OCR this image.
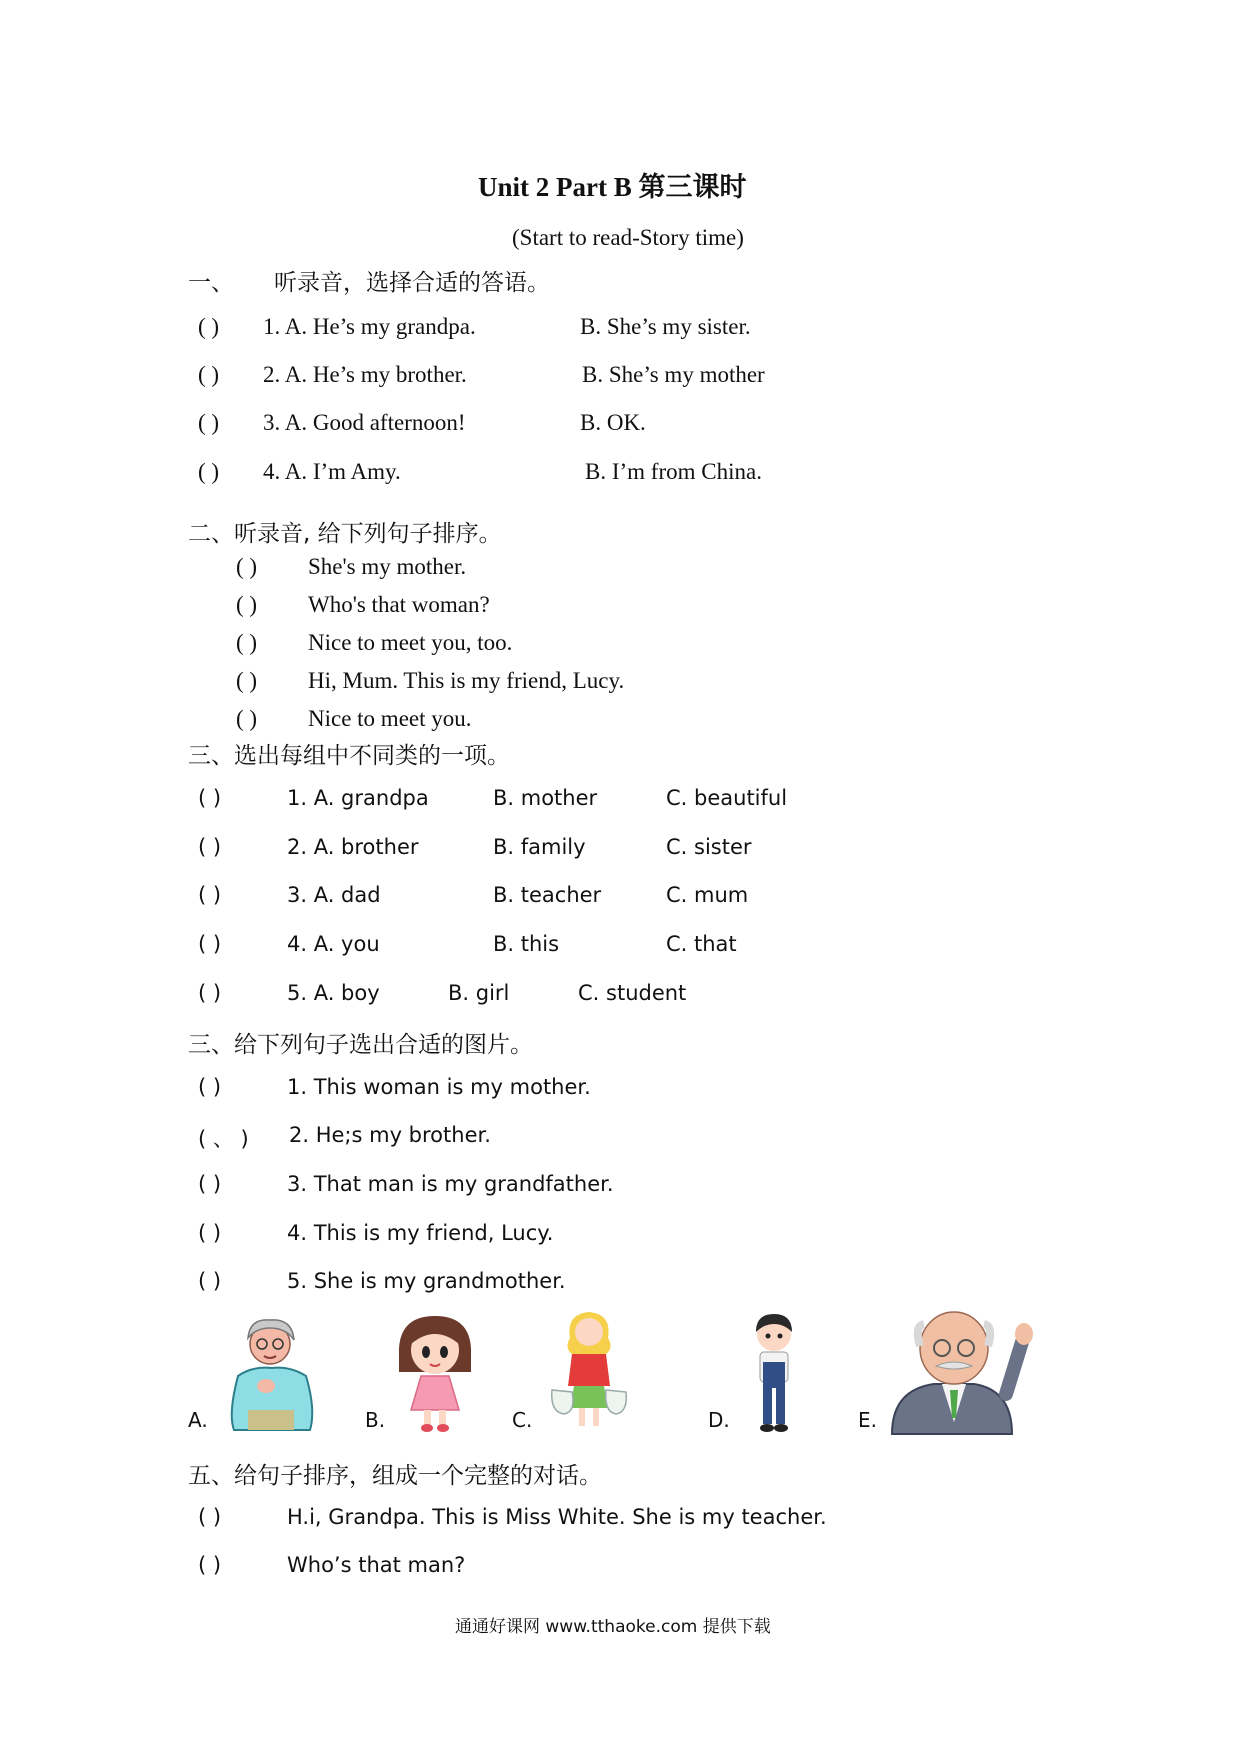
Unit 2 Part B 第三课时
(Start to read-Story time)
一、 听录音，选择合适的答语。
( ) 1. A. He’s my grandpa.	B. She’s my sister.
( ) 2. A. He’s my brother.	B. She’s my mother
( ) 3. A. Good afternoon!	B. OK.
( ) 4. A. I’m Amy.	B. I’m from China.
二、听录音, 给下列句子排序。
( ) She's my mother.
( ) Who's that woman?
( ) Nice to meet you, too.
( ) Hi, Mum. This is my friend, Lucy.
( ) Nice to meet you.
三、选出每组中不同类的一项。
( )	1. A. grandpa	B. mother	C. beautiful
( )	2. A. brother	B. family	C. sister
( )	3. A. dad	B. teacher	C. mum
( )	4. A. you	B. this	C. that
( )	5. A. boy	B. girl	C. student
三、给下列句子选出合适的图片。
( )	1. This woman is my mother.
( 、 ) 2. He;s my brother.
( )	3. That man is my grandfather.
( )	4. This is my friend, Lucy.
( )	5. She is my grandmother.
A.	B.	C.	D.	E.
五、给句子排序，组成一个完整的对话。
( )	H.i, Grandpa. This is Miss White. She is my teacher.
( )	Who’s that man?
通通好课网 www.tthaoke.com 提供下载
